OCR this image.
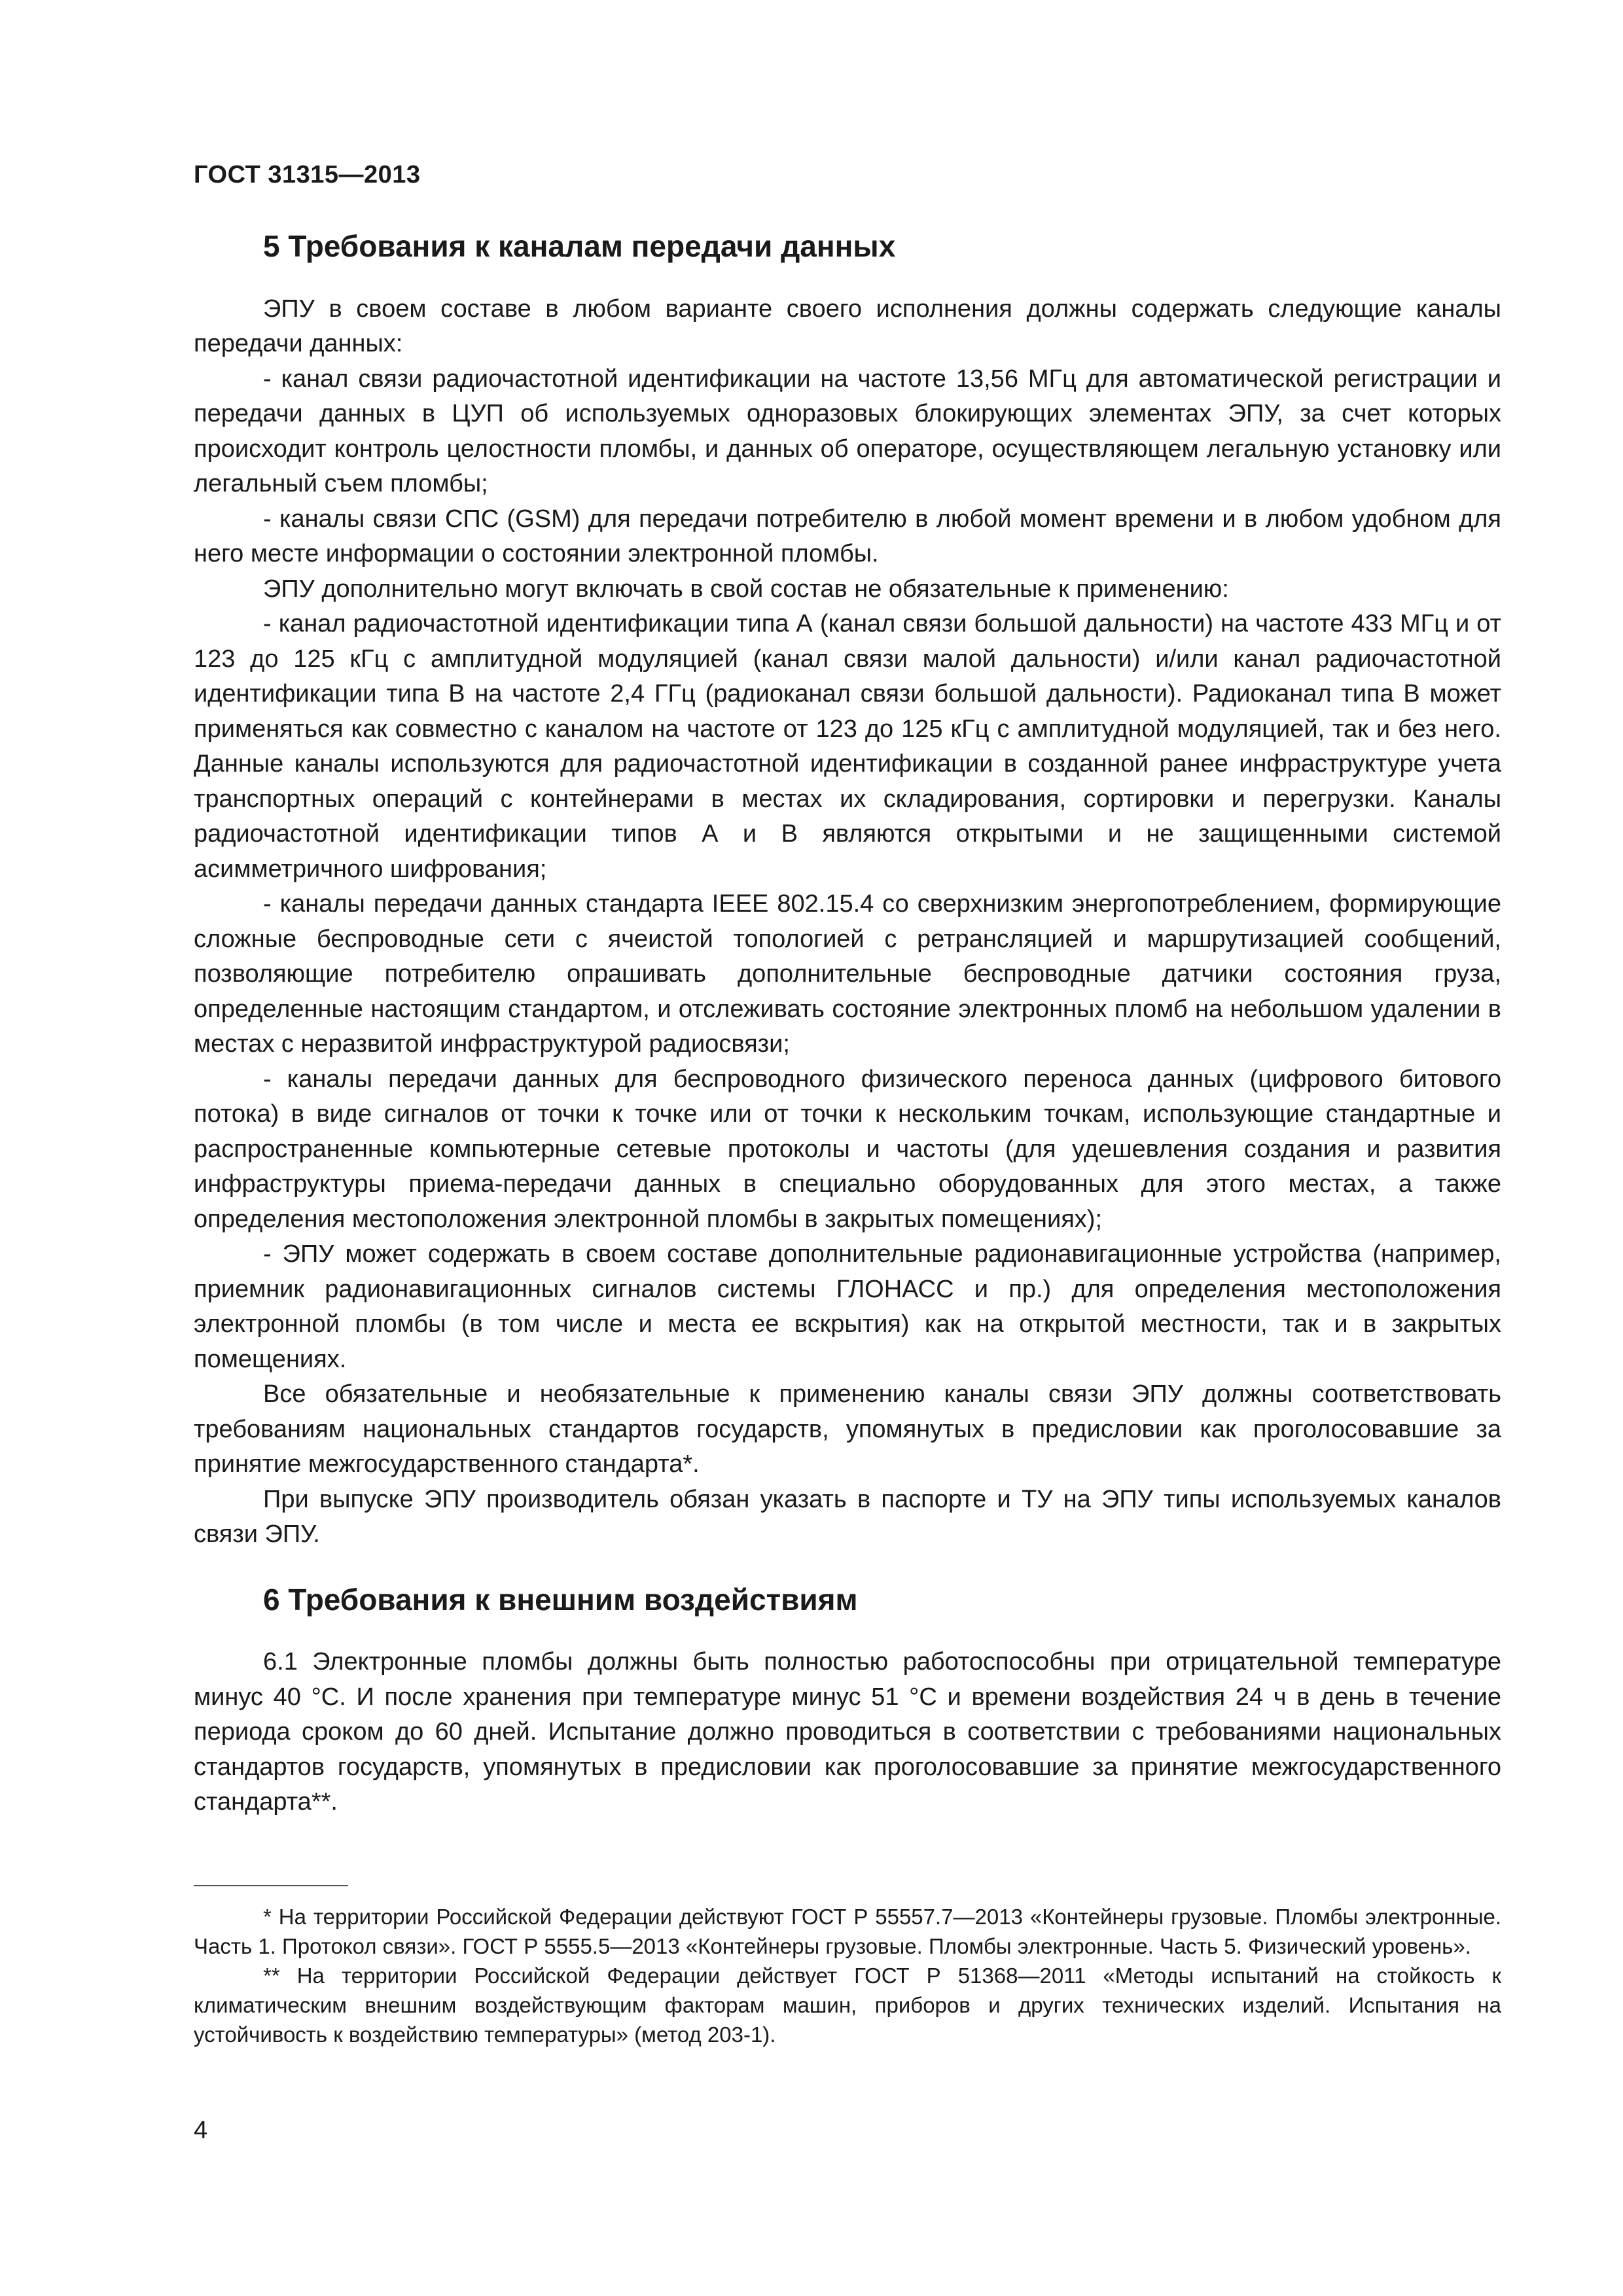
ГОСТ 31315—2013
5 Требования к каналам передачи данных

ЭПУ в своем составе в любом варианте своего исполнения должны содержать следующие каналы передачи данных:

- канал связи радиочастотной идентификации на частоте 13,56 МГц для автоматической регистрации и передачи данных в ЦУП об используемых одноразовых блокирующих элементах ЭПУ, за счет которых происходит контроль целостности пломбы, и данных об операторе, осуществляющем легальную установку или легальный съем пломбы;

- каналы связи СПС (GSM) для передачи потребителю в любой момент времени и в любом удобном для него месте информации о состоянии электронной пломбы.

ЭПУ дополнительно могут включать в свой состав не обязательные к применению:

- канал радиочастотной идентификации типа А (канал связи большой дальности) на частоте 433 МГц и от 123 до 125 кГц с амплитудной модуляцией (канал связи малой дальности) и/или канал радиочастотной идентификации типа В на частоте 2,4 ГГц (радиоканал связи большой дальности). Радиоканал типа В может применяться как совместно с каналом на частоте от 123 до 125 кГц с амплитудной модуляцией, так и без него. Данные каналы используются для радиочастотной идентификации в созданной ранее инфраструктуре учета транспортных операций с контейнерами в местах их складирования, сортировки и перегрузки. Каналы радиочастотной идентификации типов А и В являются открытыми и не защищенными системой асимметричного шифрования;

- каналы передачи данных стандарта IEEE 802.15.4 со сверхнизким энергопотреблением, формирующие сложные беспроводные сети с ячеистой топологией с ретрансляцией и маршрутизацией сообщений, позволяющие потребителю опрашивать дополнительные беспроводные датчики состояния груза, определенные настоящим стандартом, и отслеживать состояние электронных пломб на небольшом удалении в местах с неразвитой инфраструктурой радиосвязи;

- каналы передачи данных для беспроводного физического переноса данных (цифрового битового потока) в виде сигналов от точки к точке или от точки к нескольким точкам, использующие стандартные и распространенные компьютерные сетевые протоколы и частоты (для удешевления создания и развития инфраструктуры приема-передачи данных в специально оборудованных для этого местах, а также определения местоположения электронной пломбы в закрытых помещениях);

- ЭПУ может содержать в своем составе дополнительные радионавигационные устройства (например, приемник радионавигационных сигналов системы ГЛОНАСС и пр.) для определения местоположения электронной пломбы (в том числе и места ее вскрытия) как на открытой местности, так и в закрытых помещениях.

Все обязательные и необязательные к применению каналы связи ЭПУ должны соответствовать требованиям национальных стандартов государств, упомянутых в предисловии как проголосовавшие за принятие межгосударственного стандарта*.

При выпуске ЭПУ производитель обязан указать в паспорте и ТУ на ЭПУ типы используемых каналов связи ЭПУ.

6 Требования к внешним воздействиям

6.1 Электронные пломбы должны быть полностью работоспособны при отрицательной температуре минус 40 °С. И после хранения при температуре минус 51 °С и времени воздействия 24 ч в день в течение периода сроком до 60 дней. Испытание должно проводиться в соответствии с требованиями национальных стандартов государств, упомянутых в предисловии как проголосовавшие за принятие межгосударственного стандарта**.

* На территории Российской Федерации действуют ГОСТ Р 55557.7—2013 «Контейнеры грузовые. Пломбы электронные. Часть 1. Протокол связи». ГОСТ Р 5555.5—2013 «Контейнеры грузовые. Пломбы электронные. Часть 5. Физический уровень».

** На территории Российской Федерации действует ГОСТ Р 51368—2011 «Методы испытаний на стойкость к климатическим внешним воздействующим факторам машин, приборов и других технических изделий. Испытания на устойчивость к воздействию температуры» (метод 203-1).

4
